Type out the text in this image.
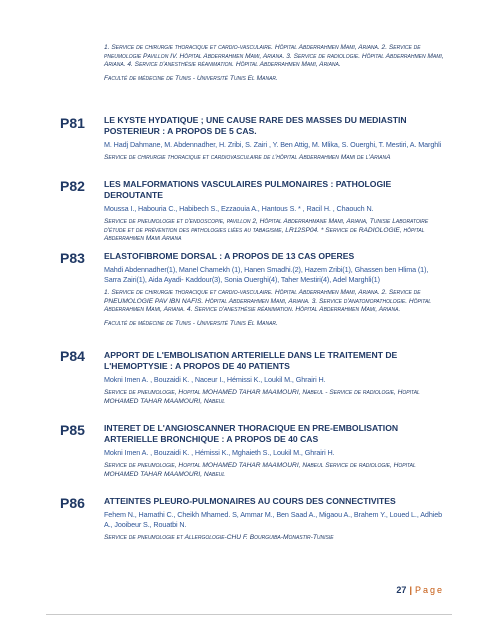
1. Service de chirurgie thoracique et cardio-vasculaire. Hôpital Abderrahmen Mami, Ariana. 2. Service de pneumologie Pavillon IV. Hôpital Abderrahmen Mami, Ariana. 3. Service de radiologie. Hôpital Abderrahmen Mami, Ariana. 4. Service d'anesthésie réanimation. Hôpital Abderrahmen Mami, Ariana.
Faculté de médecine de Tunis - Université Tunis El Manar.
P81 LE KYSTE HYDATIQUE ; UNE CAUSE RARE DES MASSES DU MEDIASTIN POSTERIEUR : A PROPOS DE 5 CAS.
M. Hadj Dahmane, M. Abdennadher, H. Zribi, S. Zairi , Y. Ben Attig, M. Mlika, S. Ouerghi, T. Mestiri, A. Marghli
Service de chirurgie thoracique et cardiovasculaire de l'hôpital Abderrahmen Mami de l'ArianA
P82 LES MALFORMATIONS VASCULAIRES PULMONAIRES : PATHOLOGIE DEROUTANTE
Moussa I., Habouria C., Habibech S., Ezzaouia A., Hantous S. * , Racil H. , Chaouch N.
Service de pneumologie et d'endoscopie, pavillon 2, Hôpital Abderrahmane Mami, Ariana, Tunisie Laboratoire d'étude et de prévention des pathologies liées au tabagisme, LR12SP04. * Service de RADIOLOGIE, hôpital Abderrahmen Mami Ariana
P83 ELASTOFIBROME DORSAL : A PROPOS DE 13 CAS OPERES
Mahdi Abdennadher(1), Manel Chamekh (1), Hanen Smadhi.(2), Hazem Zribi(1), Ghassen ben Hlima (1), Sarra Zairi(1), Aida Ayadi- Kaddour(3), Sonia Ouerghi(4), Taher Mestiri(4), Adel Marghli(1)
1. Service de chirurgie thoracique et cardio-vasculaire. Hôpital Abderrahmen Mami, Ariana. 2. Service de PNEUMOLOGIE PAV IBN NAFIS. Hôpital Abderrahmen Mami, Ariana. 3. Service d'anatomopathologie. Hôpital Abderrahmen Mami, Ariana. 4. Service d'anesthésie réanimation. Hôpital Abderrahmen Mami, Ariana.
Faculté de médecine de Tunis - Université Tunis El Manar.
P84 APPORT DE L'EMBOLISATION ARTERIELLE DANS LE TRAITEMENT DE L'HEMOPTYSIE : A PROPOS DE 40 PATIENTS
Mokni Imen A. , Bouzaidi K. , Naceur I., Hémissi K., Loukil M., Ghrairi H.
Service de pneumologie, Hopital MOHAMED TAHAR MAAMOURI, Nabeul - Service de radiologie, Hopital MOHAMED TAHAR MAAMOURI, Nabeul
P85 INTERET DE L'ANGIOSCANNER THORACIQUE EN PRE-EMBOLISATION ARTERIELLE BRONCHIQUE : A PROPOS DE 40 CAS
Mokni Imen A. , Bouzaidi K. , Hémissi K., Mghaieth S., Loukil M., Ghrairi H.
Service de pneumologie, Hopital MOHAMED TAHAR MAAMOURI, Nabeul Service de radiologie, Hopital MOHAMED TAHAR MAAMOURI, Nabeul
P86 ATTEINTES PLEURO-PULMONAIRES AU COURS DES CONNECTIVITES
Fehem N., Hamathi C., Cheikh Mhamed. S, Ammar M., Ben Saad A., Migaou A., Brahem Y., Loued L., Adhieb A., Jooibeur S., Rouatbi N.
Service de pneumologie et Allergologie-CHU F. Bourguiba-Monastir-Tunisie
27 | Page
